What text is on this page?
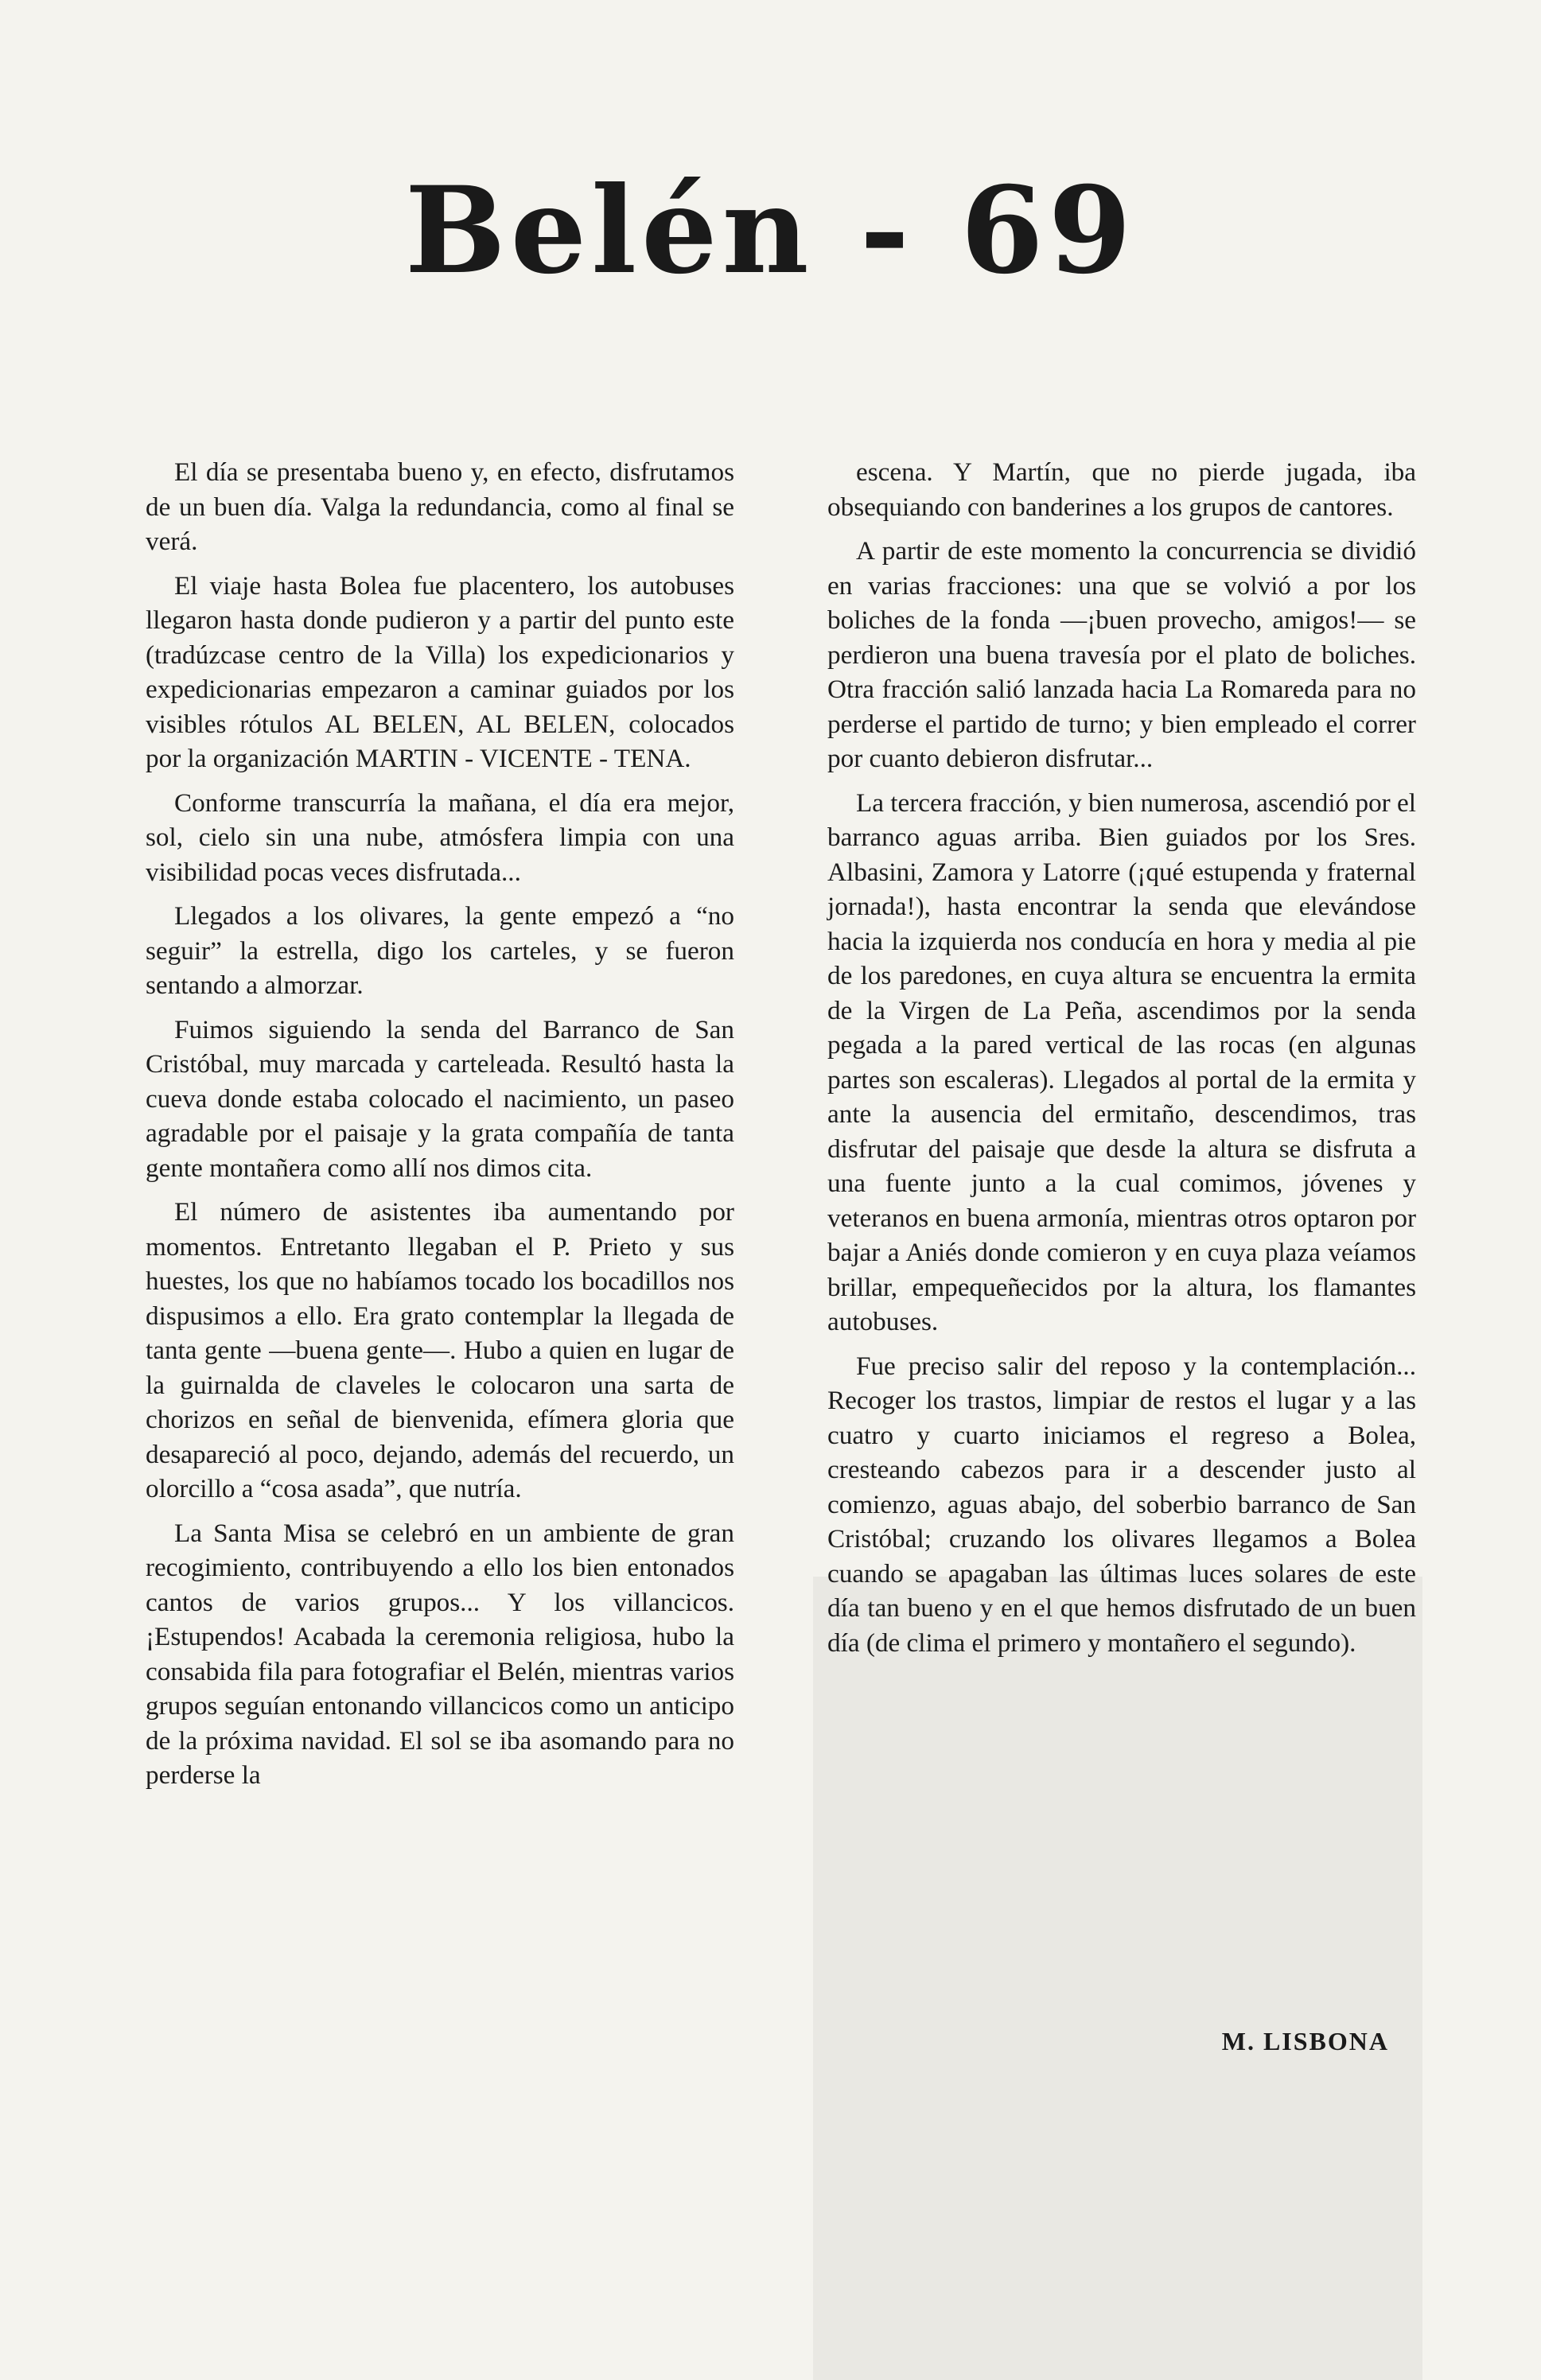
Belén - 69

El día se presentaba bueno y, en efecto, disfrutamos de un buen día. Valga la redundancia, como al final se verá.

El viaje hasta Bolea fue placentero, los autobuses llegaron hasta donde pudieron y a partir del punto este (tradúzcase centro de la Villa) los expedicionarios y expedicionarias empezaron a caminar guiados por los visibles rótulos AL BELEN, AL BELEN, colocados por la organización MARTIN - VICENTE - TENA.

Conforme transcurría la mañana, el día era mejor, sol, cielo sin una nube, atmósfera limpia con una visibilidad pocas veces disfrutada...

Llegados a los olivares, la gente empezó a “no seguir” la estrella, digo los carteles, y se fueron sentando a almorzar.

Fuimos siguiendo la senda del Barranco de San Cristóbal, muy marcada y carteleada. Resultó hasta la cueva donde estaba colocado el nacimiento, un paseo agradable por el paisaje y la grata compañía de tanta gente montañera como allí nos dimos cita.

El número de asistentes iba aumentando por momentos. Entretanto llegaban el P. Prieto y sus huestes, los que no habíamos tocado los bocadillos nos dispusimos a ello. Era grato contemplar la llegada de tanta gente —buena gente—. Hubo a quien en lugar de la guirnalda de claveles le colocaron una sarta de chorizos en señal de bienvenida, efímera gloria que desapareció al poco, dejando, además del recuerdo, un olorcillo a “cosa asada”, que nutría.

La Santa Misa se celebró en un ambiente de gran recogimiento, contribuyendo a ello los bien entonados cantos de varios grupos... Y los villancicos. ¡Estupendos! Acabada la ceremonia religiosa, hubo la consabida fila para fotografiar el Belén, mientras varios grupos seguían entonando villancicos como un anticipo de la próxima navidad. El sol se iba asomando para no perderse la

escena. Y Martín, que no pierde jugada, iba obsequiando con banderines a los grupos de cantores.

A partir de este momento la concurrencia se dividió en varias fracciones: una que se volvió a por los boliches de la fonda —¡buen provecho, amigos!— se perdieron una buena travesía por el plato de boliches. Otra fracción salió lanzada hacia La Romareda para no perderse el partido de turno; y bien empleado el correr por cuanto debieron disfrutar...

La tercera fracción, y bien numerosa, ascendió por el barranco aguas arriba. Bien guiados por los Sres. Albasini, Zamora y Latorre (¡qué estupenda y fraternal jornada!), hasta encontrar la senda que elevándose hacia la izquierda nos conducía en hora y media al pie de los paredones, en cuya altura se encuentra la ermita de la Virgen de La Peña, ascendimos por la senda pegada a la pared vertical de las rocas (en algunas partes son escaleras). Llegados al portal de la ermita y ante la ausencia del ermitaño, descendimos, tras disfrutar del paisaje que desde la altura se disfruta a una fuente junto a la cual comimos, jóvenes y veteranos en buena armonía, mientras otros optaron por bajar a Aniés donde comieron y en cuya plaza veíamos brillar, empequeñecidos por la altura, los flamantes autobuses.

Fue preciso salir del reposo y la contemplación... Recoger los trastos, limpiar de restos el lugar y a las cuatro y cuarto iniciamos el regreso a Bolea, cresteando cabezos para ir a descender justo al comienzo, aguas abajo, del soberbio barranco de San Cristóbal; cruzando los olivares llegamos a Bolea cuando se apagaban las últimas luces solares de este día tan bueno y en el que hemos disfrutado de un buen día (de clima el primero y montañero el segundo).

M. LISBONA
